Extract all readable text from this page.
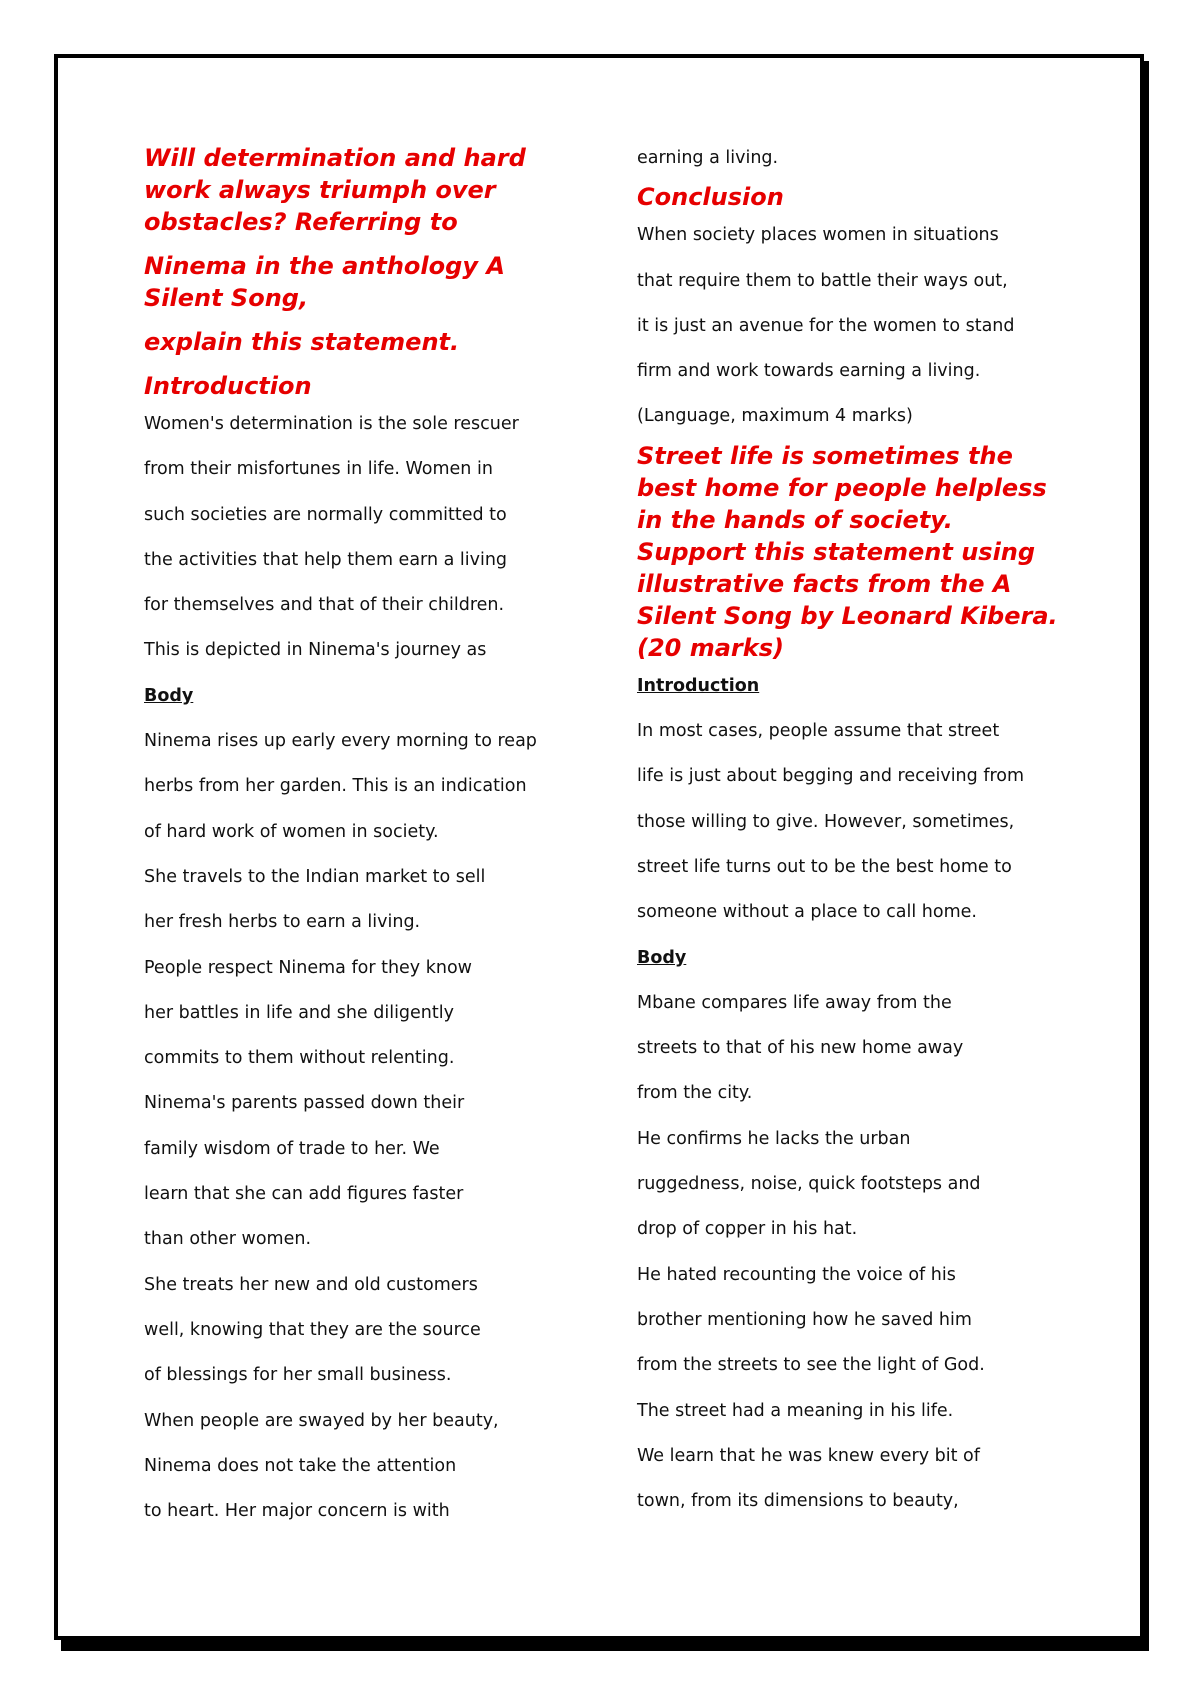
Will determination and hard

work always triumph over

obstacles? Referring to

Ninema in the anthology A

Silent Song,

explain this statement.

Introduction

Women's determination is the sole rescuer

from their misfortunes in life. Women in

such societies are normally committed to

the activities that help them earn a living

for themselves and that of their children.

This is depicted in Ninema's journey as

Body

Ninema rises up early every morning to reap

herbs from her garden. This is an indication

of hard work of women in society.

She travels to the Indian market to sell

her fresh herbs to earn a living.

People respect Ninema for they know

her battles in life and she diligently

commits to them without relenting.

Ninema's parents passed down their

family wisdom of trade to her. We

learn that she can add figures faster

than other women.

She treats her new and old customers

well, knowing that they are the source

of blessings for her small business.

When people are swayed by her beauty,

Ninema does not take the attention

to heart. Her major concern is with

earning a living.

Conclusion

When society places women in situations

that require them to battle their ways out,

it is just an avenue for the women to stand

firm and work towards earning a living.

(Language, maximum 4 marks)

Street life is sometimes the

best home for people helpless

in the hands of society.

Support this statement using

illustrative facts from the A

Silent Song by Leonard Kibera.

(20 marks)

Introduction

In most cases, people assume that street

life is just about begging and receiving from

those willing to give. However, sometimes,

street life turns out to be the best home to

someone without a place to call home.

Body

Mbane compares life away from the

streets to that of his new home away

from the city.

He confirms he lacks the urban

ruggedness, noise, quick footsteps and

drop of copper in his hat.

He hated recounting the voice of his

brother mentioning how he saved him

from the streets to see the light of God.

The street had a meaning in his life.

We learn that he was knew every bit of

town, from its dimensions to beauty,
